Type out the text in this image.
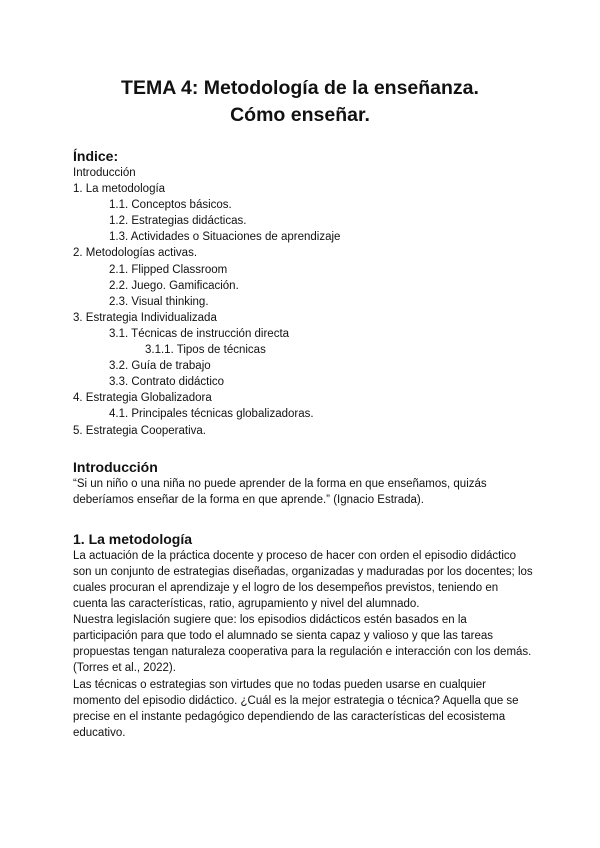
TEMA 4: Metodología de la enseñanza.
Cómo enseñar.
Índice:
Introducción
1. La metodología
1.1. Conceptos básicos.
1.2. Estrategias didácticas.
1.3. Actividades o Situaciones de aprendizaje
2. Metodologías activas.
2.1. Flipped Classroom
2.2. Juego. Gamificación.
2.3. Visual thinking.
3. Estrategia Individualizada
3.1. Técnicas de instrucción directa
3.1.1. Tipos de técnicas
3.2. Guía de trabajo
3.3. Contrato didáctico
4. Estrategia Globalizadora
4.1. Principales técnicas globalizadoras.
5. Estrategia Cooperativa.
Introducción

“Si un niño o una niña no puede aprender de la forma en que enseñamos, quizás deberíamos enseñar de la forma en que aprende.” (Ignacio Estrada).

1. La metodología

La actuación de la práctica docente y proceso de hacer con orden el episodio didáctico son un conjunto de estrategias diseñadas, organizadas y maduradas por los docentes; los cuales procuran el aprendizaje y el logro de los desempeños previstos, teniendo en cuenta las características, ratio, agrupamiento y nivel del alumnado.

Nuestra legislación sugiere que: los episodios didácticos estén basados en la participación para que todo el alumnado se sienta capaz y valioso y que las tareas propuestas tengan naturaleza cooperativa para la regulación e interacción con los demás. (Torres et al., 2022).

Las técnicas o estrategias son virtudes que no todas pueden usarse en cualquier momento del episodio didáctico. ¿Cuál es la mejor estrategia o técnica? Aquella que se precise en el instante pedagógico dependiendo de las características del ecosistema educativo.
